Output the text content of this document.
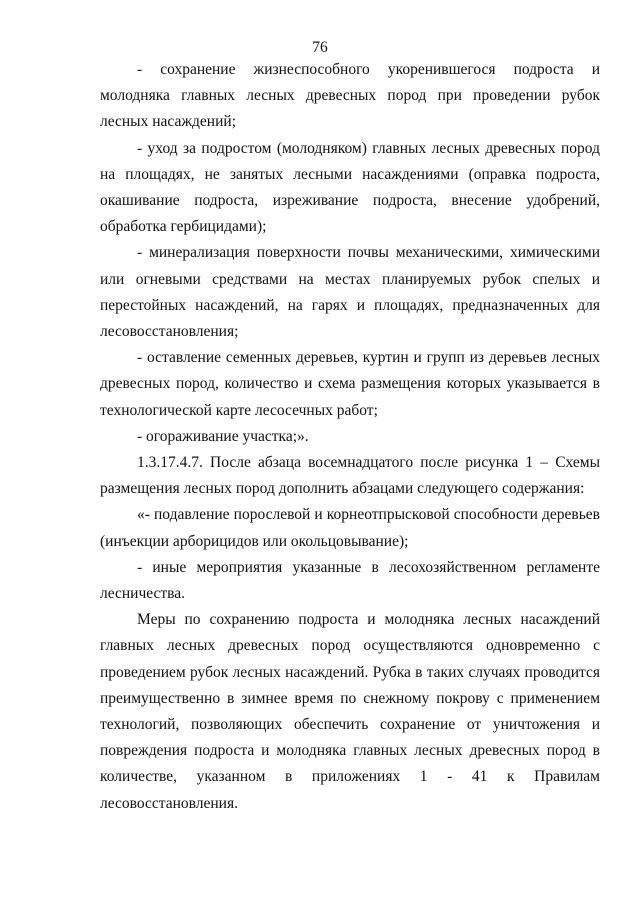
76

- сохранение жизнеспособного укоренившегося подроста и молодняка главных лесных древесных пород при проведении рубок лесных насаждений;

- уход за подростом (молодняком) главных лесных древесных пород на площадях, не занятых лесными насаждениями (оправка подроста, окашивание подроста, изреживание подроста, внесение удобрений, обработка гербицидами);

- минерализация поверхности почвы механическими, химическими или огневыми средствами на местах планируемых рубок спелых и перестойных насаждений, на гарях и площадях, предназначенных для лесовосстановления;

- оставление семенных деревьев, куртин и групп из деревьев лесных древесных пород, количество и схема размещения которых указывается в технологической карте лесосечных работ;

- огораживание участка;».

1.3.17.4.7. После абзаца восемнадцатого после рисунка 1 – Схемы размещения лесных пород дополнить абзацами следующего содержания:

«- подавление порослевой и корнеотпрысковой способности деревьев (инъекции арборицидов или окольцовывание);

- иные мероприятия указанные в лесохозяйственном регламенте лесничества.

Меры по сохранению подроста и молодняка лесных насаждений главных лесных древесных пород осуществляются одновременно с проведением рубок лесных насаждений. Рубка в таких случаях проводится преимущественно в зимнее время по снежному покрову с применением технологий, позволяющих обеспечить сохранение от уничтожения и повреждения подроста и молодняка главных лесных древесных пород в количестве, указанном в приложениях 1 - 41 к Правилам лесовосстановления.
